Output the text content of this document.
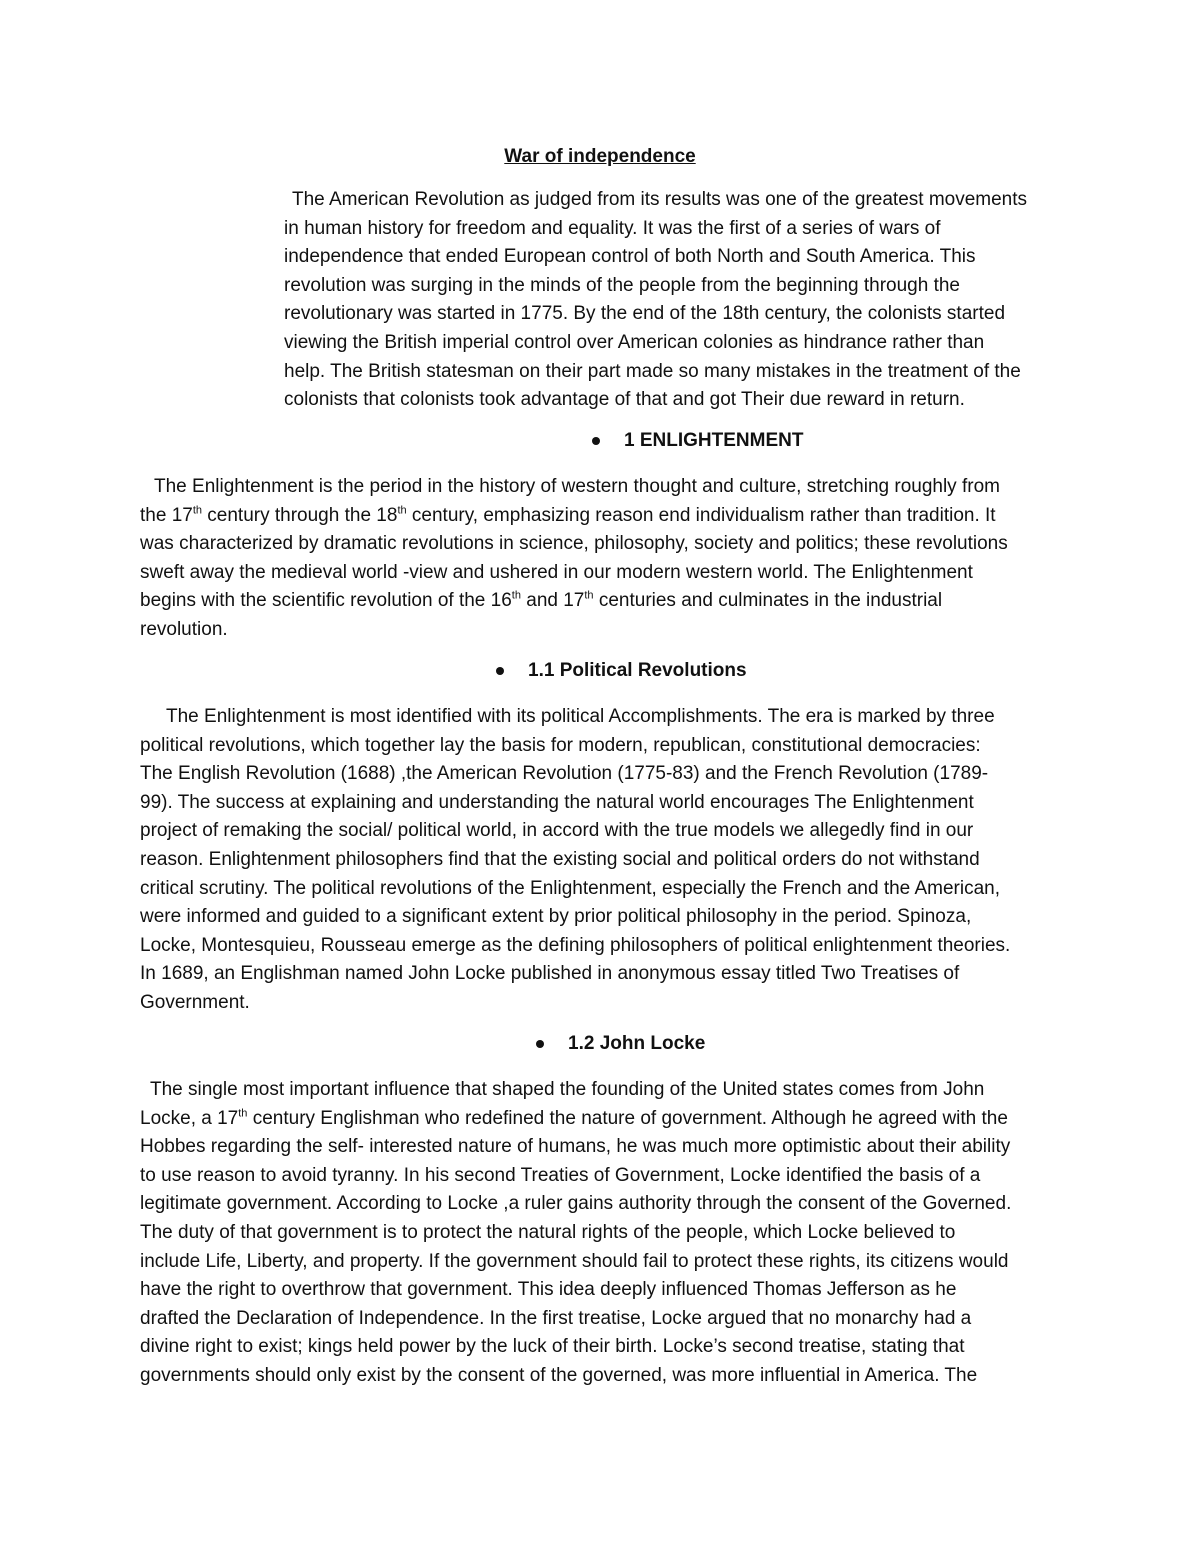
War of independence

The American Revolution as judged from its results was one of the greatest movements
in human history for freedom and equality. It was the first of a series of wars of
independence that ended European control of both North and South America. This
revolution was surging in the minds of the people from the beginning through the
revolutionary was started in 1775. By the end of the 18th century, the colonists started
viewing the British imperial control over American colonies as hindrance rather than
help. The British statesman on their part made so many mistakes in the treatment of the
colonists that colonists took advantage of that and got Their due reward in return.

1 ENLIGHTENMENT

The Enlightenment is the period in the history of western thought and culture, stretching roughly from
the 17th century through the 18th century, emphasizing reason end individualism rather than tradition. It
was characterized by dramatic revolutions in science, philosophy, society and politics; these revolutions
sweft away the medieval world -view and ushered in our modern western world. The Enlightenment
begins with the scientific revolution of the 16th and 17th centuries and culminates in the industrial
revolution.

1.1 Political Revolutions

The Enlightenment is most identified with its political Accomplishments. The era is marked by three
political revolutions, which together lay the basis for modern, republican, constitutional democracies:
The English Revolution (1688) ,the American Revolution (1775-83) and the French Revolution (1789-
99). The success at explaining and understanding the natural world encourages The Enlightenment
project of remaking the social/ political world, in accord with the true models we allegedly find in our
reason. Enlightenment philosophers find that the existing social and political orders do not withstand
critical scrutiny. The political revolutions of the Enlightenment, especially the French and the American,
were informed and guided to a significant extent by prior political philosophy in the period. Spinoza,
Locke, Montesquieu, Rousseau emerge as the defining philosophers of political enlightenment theories.
In 1689, an Englishman named John Locke published in anonymous essay titled Two Treatises of
Government.

1.2 John Locke

The single most important influence that shaped the founding of the United states comes from John
Locke, a 17th century Englishman who redefined the nature of government. Although he agreed with the
Hobbes regarding the self- interested nature of humans, he was much more optimistic about their ability
to use reason to avoid tyranny. In his second Treaties of Government, Locke identified the basis of a
legitimate government. According to Locke ,a ruler gains authority through the consent of the Governed.
The duty of that government is to protect the natural rights of the people, which Locke believed to
include Life, Liberty, and property. If the government should fail to protect these rights, its citizens would
have the right to overthrow that government. This idea deeply influenced Thomas Jefferson as he
drafted the Declaration of Independence. In the first treatise, Locke argued that no monarchy had a
divine right to exist; kings held power by the luck of their birth. Locke’s second treatise, stating that
governments should only exist by the consent of the governed, was more influential in America. The
